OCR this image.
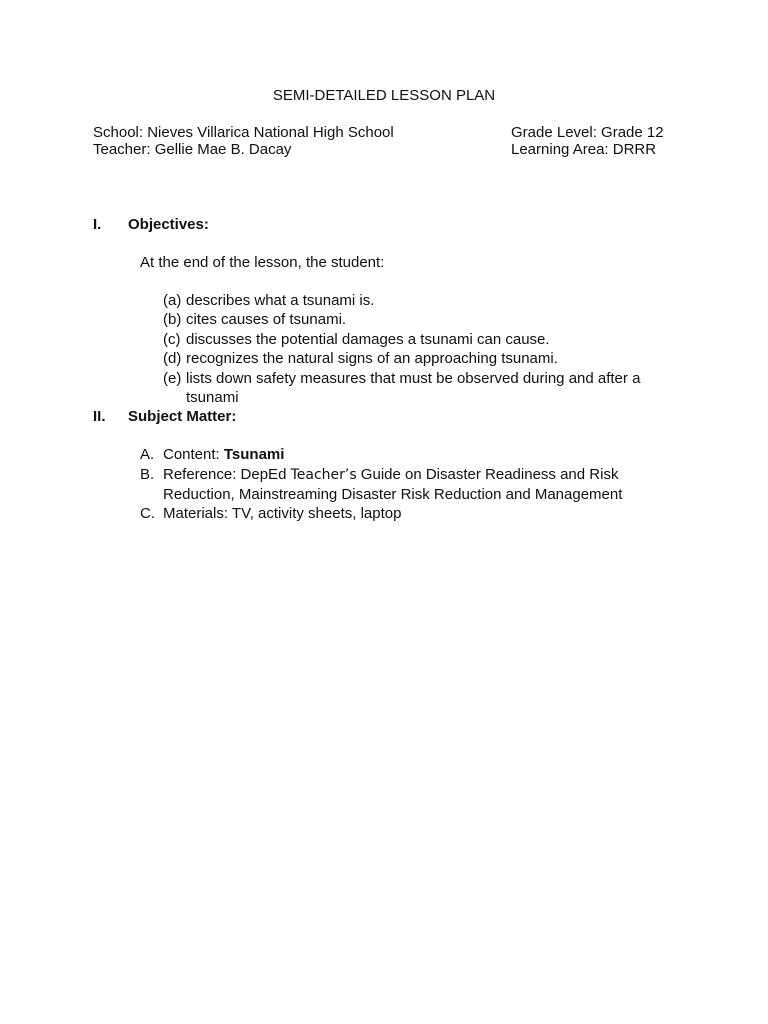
SEMI-DETAILED LESSON PLAN
School: Nieves Villarica National High School	Grade Level: Grade 12
Teacher: Gellie Mae B. Dacay	Learning Area: DRRR
I. Objectives:
At the end of the lesson, the student:
(a) describes what a tsunami is.
(b) cites causes of tsunami.
(c) discusses the potential damages a tsunami can cause.
(d) recognizes the natural signs of an approaching tsunami.
(e) lists down safety measures that must be observed during and after a
tsunami
II. Subject Matter:
A. Content: Tsunami
B. Reference: DepEd Teacher’s Guide on Disaster Readiness and Risk
Reduction, Mainstreaming Disaster Risk Reduction and Management
C. Materials: TV, activity sheets, laptop
